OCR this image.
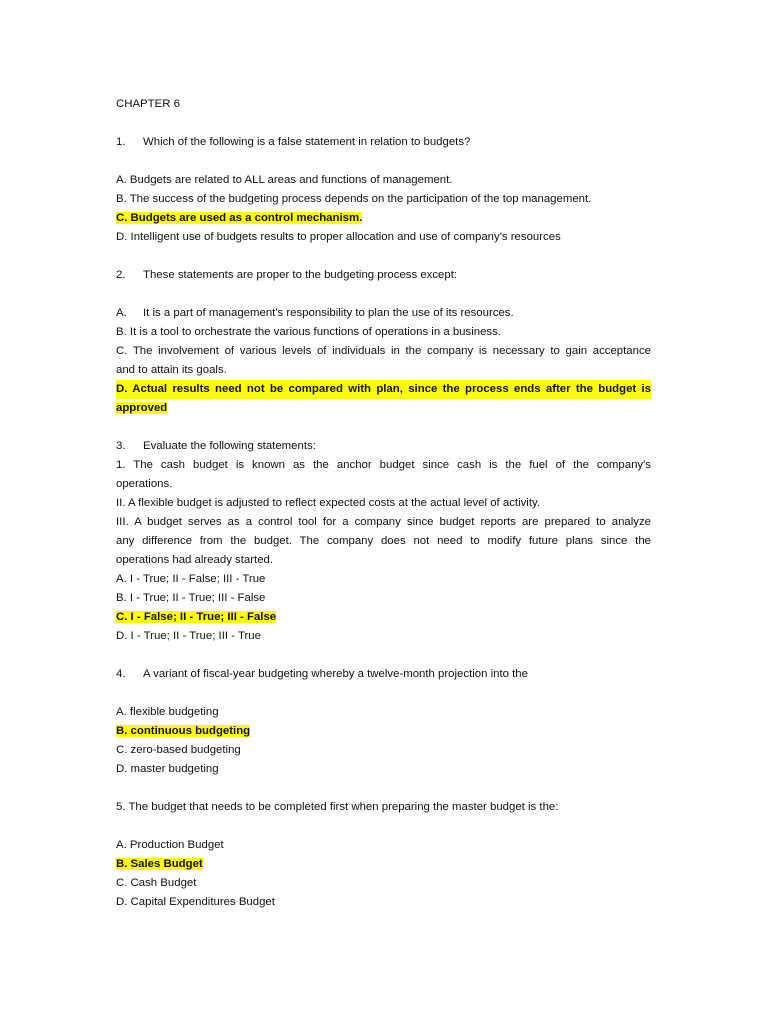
CHAPTER 6
1. Which of the following is a false statement in relation to budgets?
A. Budgets are related to ALL areas and functions of management.
B. The success of the budgeting process depends on the participation of the top management.
C. Budgets are used as a control mechanism.
D. Intelligent use of budgets results to proper allocation and use of company's resources
2. These statements are proper to the budgeting process except:
A. It is a part of management's responsibility to plan the use of its resources.
B. It is a tool to orchestrate the various functions of operations in a business.
C. The involvement of various levels of individuals in the company is necessary to gain acceptance
and to attain its goals.
D. Actual results need not be compared with plan, since the process ends after the budget is
approved
3. Evaluate the following statements:
1. The cash budget is known as the anchor budget since cash is the fuel of the company's
operations.
II. A flexible budget is adjusted to reflect expected costs at the actual level of activity.
III. A budget serves as a control tool for a company since budget reports are prepared to analyze
any difference from the budget. The company does not need to modify future plans since the
operations had already started.
A. I - True; II - False; III - True
B. I - True; II - True; III - False
C. I - False; II - True; III - False
D. I - True; II - True; III - True
4. A variant of fiscal-year budgeting whereby a twelve-month projection into the
A. flexible budgeting
B. continuous budgeting
C. zero-based budgeting
D. master budgeting
5. The budget that needs to be completed first when preparing the master budget is the:
A. Production Budget
B. Sales Budget
C. Cash Budget
D. Capital Expenditures Budget
